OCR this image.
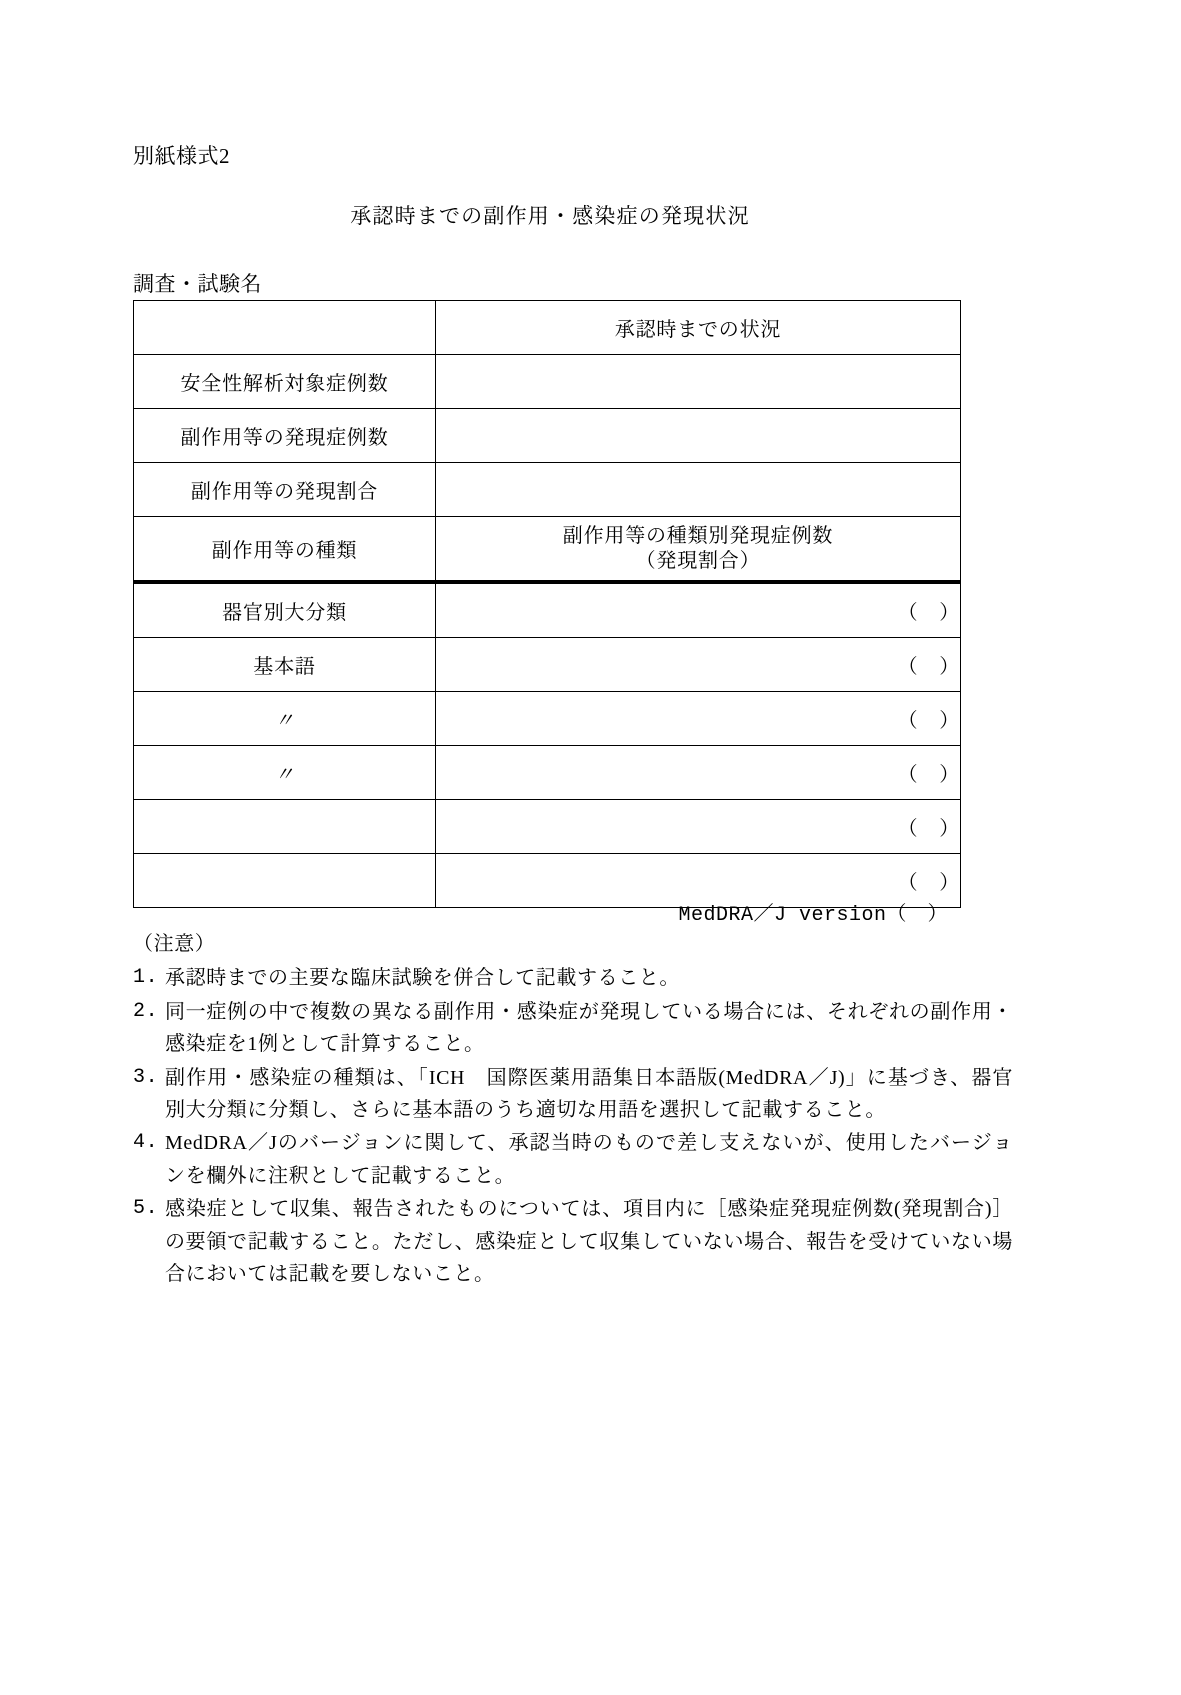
別紙様式2
承認時までの副作用・感染症の発現状況
調査・試験名
	承認時までの状況
安全性解析対象症例数	
副作用等の発現症例数	
副作用等の発現割合	
副作用等の種類	副作用等の種類別発現症例数
（発現割合）

器官別大分類	（　）
基本語	（　）
〃	（　）
〃	（　）
	（　）
	（　）
MedDRA／J version（　）
（注意）
1. 承認時までの主要な臨床試験を併合して記載すること。
2. 同一症例の中で複数の異なる副作用・感染症が発現している場合には、それぞれの副作用・感染症を1例として計算すること。
3. 副作用・感染症の種類は、「ICH　国際医薬用語集日本語版(MedDRA／J)」に基づき、器官別大分類に分類し、さらに基本語のうち適切な用語を選択して記載すること。
4. MedDRA／Jのバージョンに関して、承認当時のもので差し支えないが、使用したバージョンを欄外に注釈として記載すること。
5. 感染症として収集、報告されたものについては、項目内に［感染症発現症例数(発現割合)］の要領で記載すること。ただし、感染症として収集していない場合、報告を受けていない場合においては記載を要しないこと。
